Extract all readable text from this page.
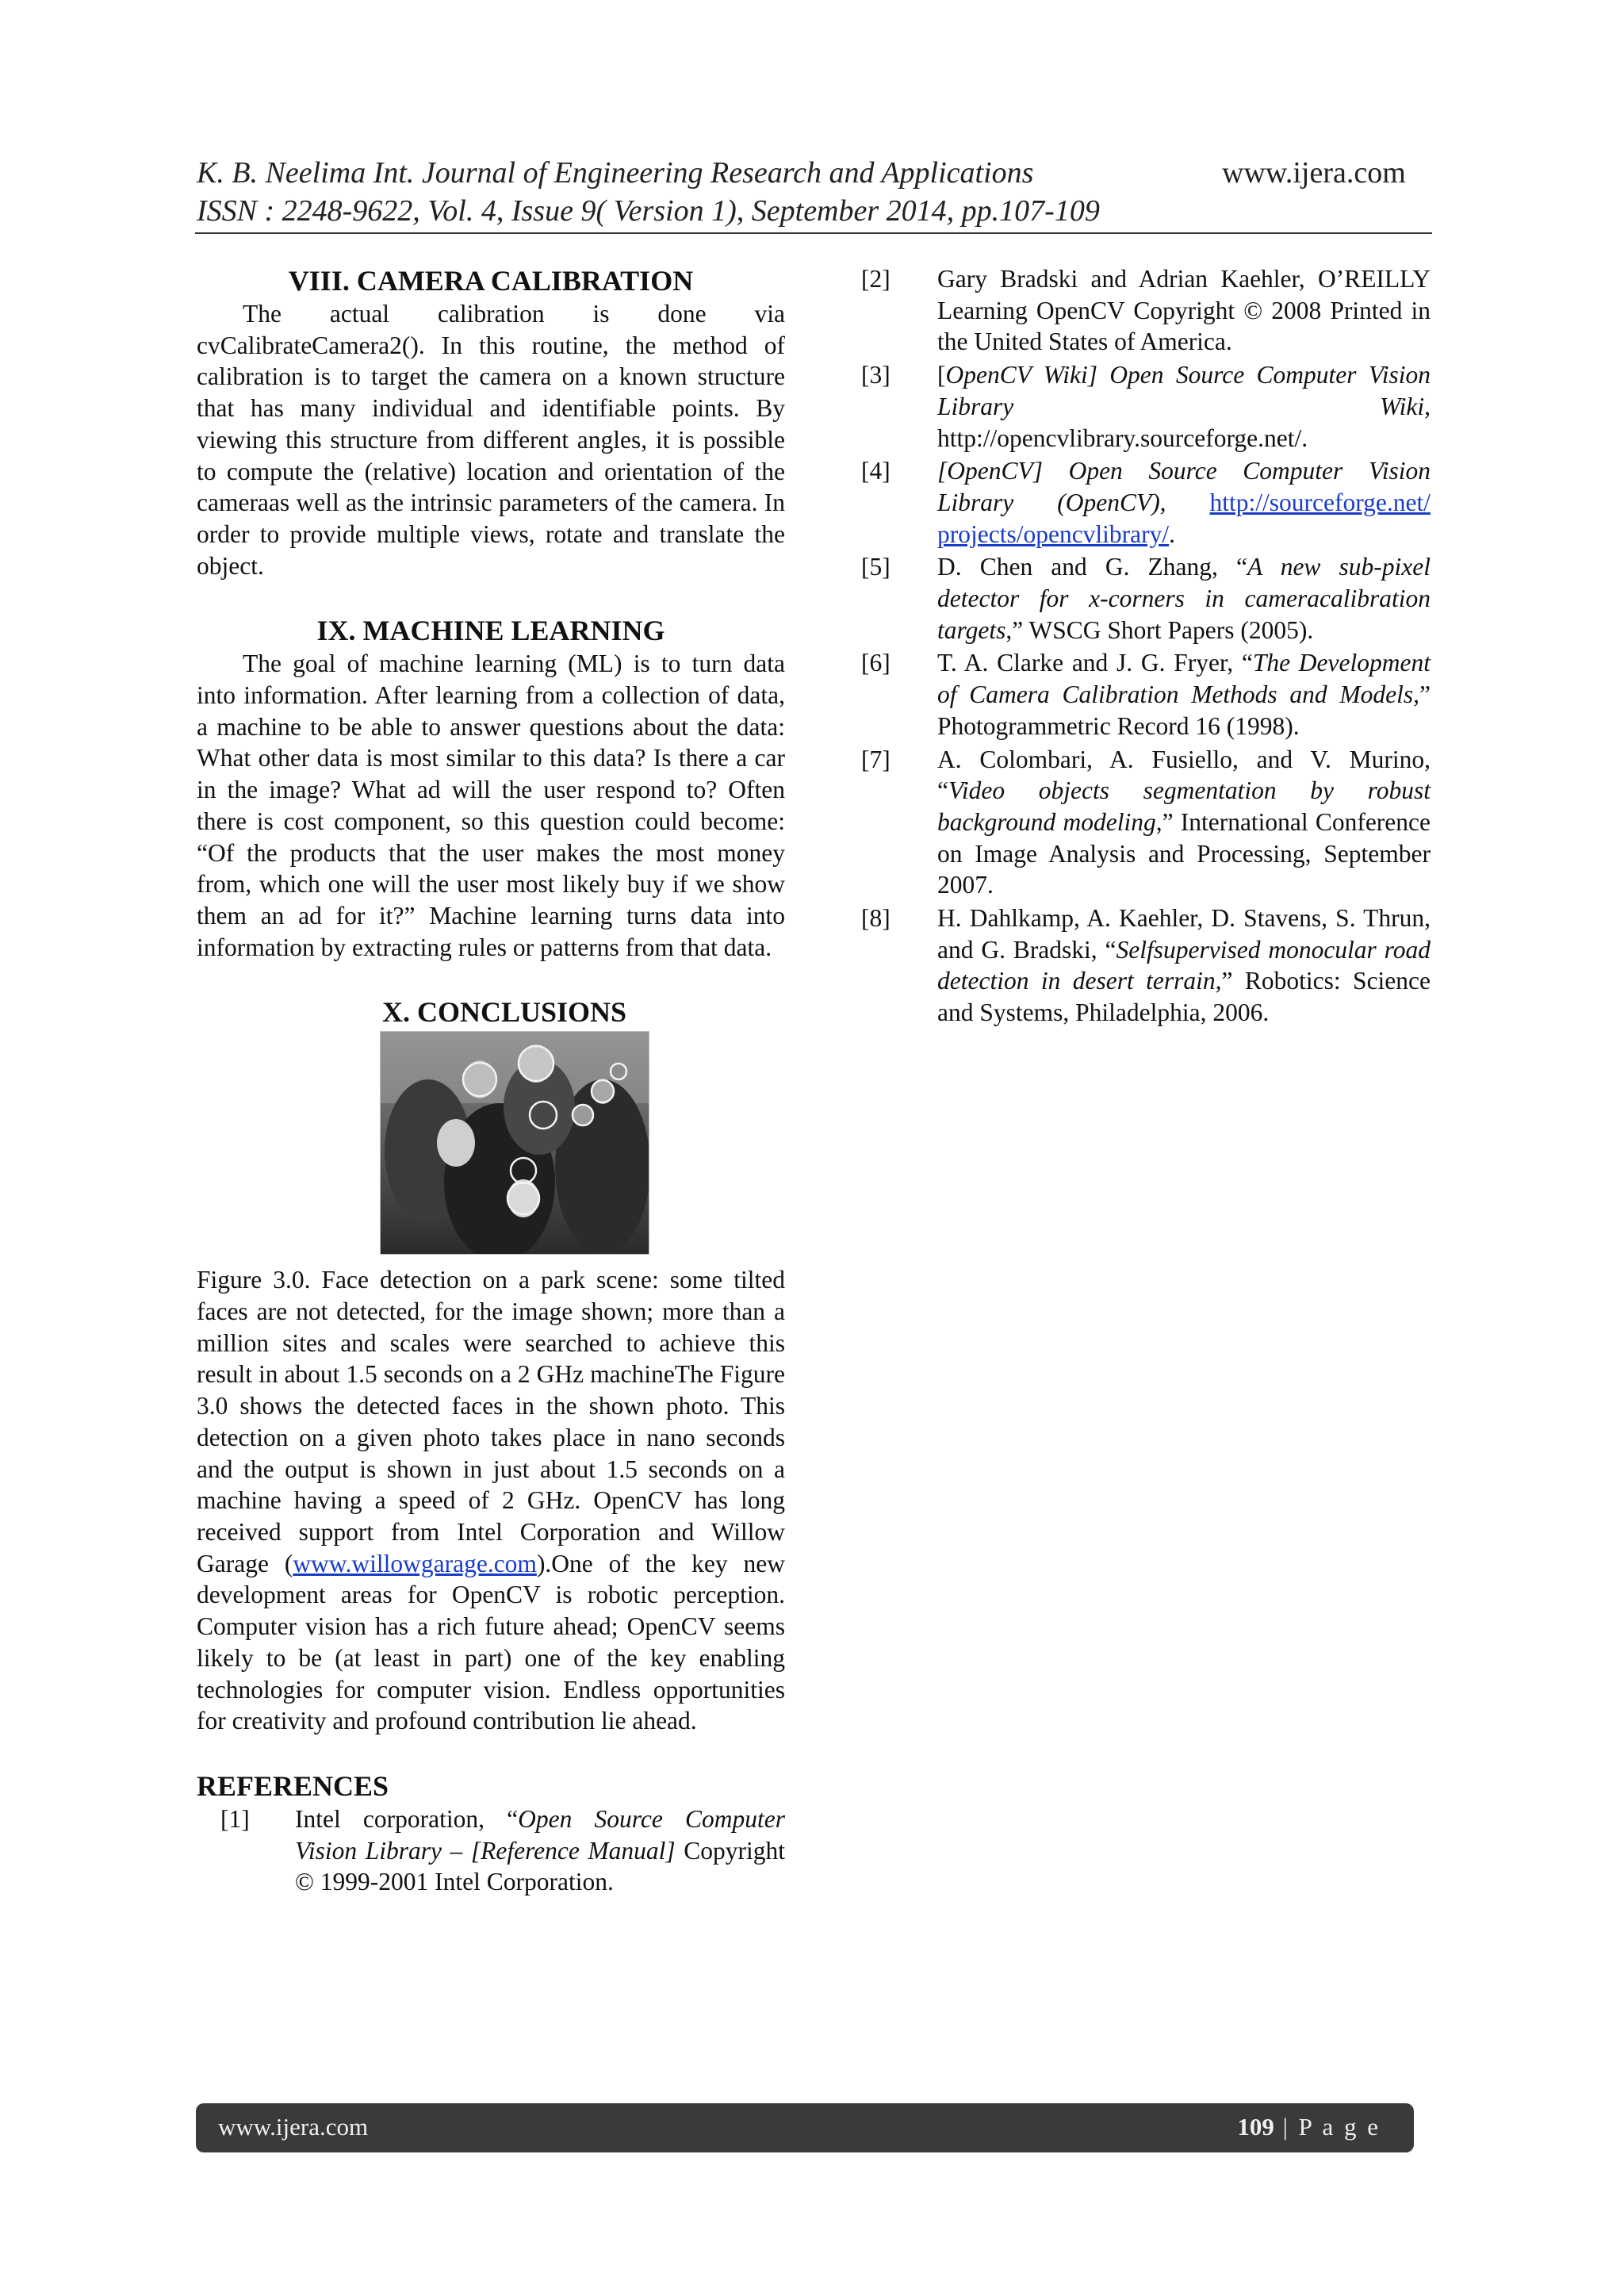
K. B. Neelima Int. Journal of Engineering Research and Applications
ISSN : 2248-9622, Vol. 4, Issue 9( Version 1), September 2014, pp.107-109
www.ijera.com
VIII. CAMERA CALIBRATION

The actual calibration is done via cvCalibrateCamera2(). In this routine, the method of calibration is to target the camera on a known structure that has many individual and identifiable points. By viewing this structure from different angles, it is possible to compute the (relative) location and orientation of the cameraas well as the intrinsic parameters of the camera. In order to provide multiple views, rotate and translate the object.

IX. MACHINE LEARNING

The goal of machine learning (ML) is to turn data into information. After learning from a collection of data, a machine to be able to answer questions about the data: What other data is most similar to this data? Is there a car in the image? What ad will the user respond to? Often there is cost component, so this question could become: “Of the products that the user makes the most money from, which one will the user most likely buy if we show them an ad for it?” Machine learning turns data into information by extracting rules or patterns from that data.

X. CONCLUSIONS

Figure 3.0. Face detection on a park scene: some tilted faces are not detected, for the image shown; more than a million sites and scales were searched to achieve this result in about 1.5 seconds on a 2 GHz machineThe Figure 3.0 shows the detected faces in the shown photo. This detection on a given photo takes place in nano seconds and the output is shown in just about 1.5 seconds on a machine having a speed of 2 GHz. OpenCV has long received support from Intel Corporation and Willow Garage (www.willowgarage.com).One of the key new development areas for OpenCV is robotic perception. Computer vision has a rich future ahead; OpenCV seems likely to be (at least in part) one of the key enabling technologies for computer vision. Endless opportunities for creativity and profound contribution lie ahead.

REFERENCES
[1]	Intel corporation, “Open Source Computer Vision Library – [Reference Manual] Copyright © 1999-2001 Intel Corporation.
[2]	Gary Bradski and Adrian Kaehler, O’REILLY Learning OpenCV Copyright © 2008 Printed in the United States of America.
[3]	[OpenCV Wiki] Open Source Computer Vision Library Wiki, http://opencvlibrary.sourceforge.net/.
[4]	[OpenCV] Open Source Computer Vision Library (OpenCV), http://sourceforge.net/ projects/opencvlibrary/.
[5]	D. Chen and G. Zhang, “A new sub-pixel detector for x-corners in cameracalibration targets,” WSCG Short Papers (2005).
[6]	T. A. Clarke and J. G. Fryer, “The Development of Camera Calibration Methods and Models,” Photogrammetric Record 16 (1998).
[7]	A. Colombari, A. Fusiello, and V. Murino, “Video objects segmentation by robust background modeling,” International Conference on Image Analysis and Processing, September 2007.
[8]	H. Dahlkamp, A. Kaehler, D. Stavens, S. Thrun, and G. Bradski, “Selfsupervised monocular road detection in desert terrain,” Robotics: Science and Systems, Philadelphia, 2006.
www.ijera.com	109 | P a g e
